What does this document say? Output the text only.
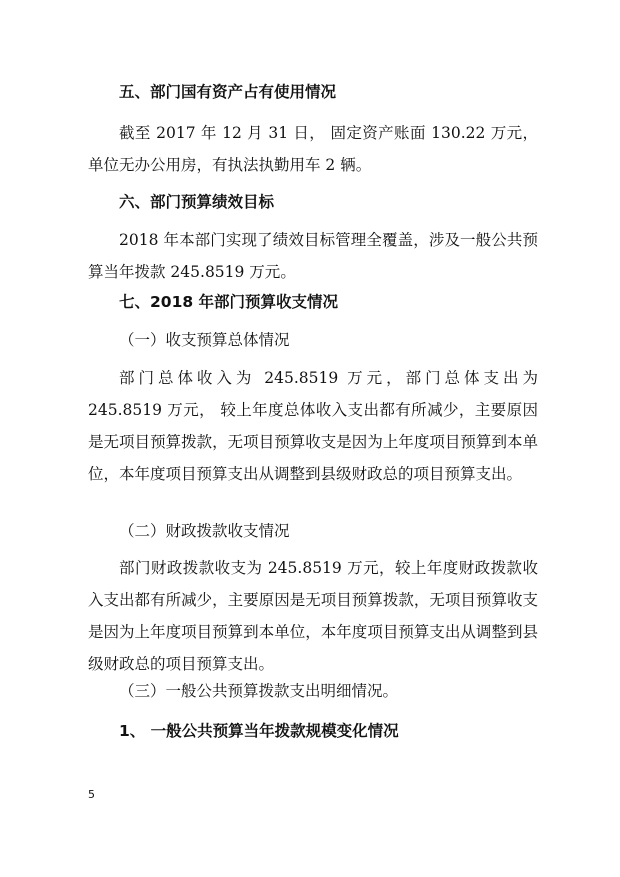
五、部门国有资产占有使用情况

截至 2017 年 12 月 31 日， 固定资产账面 130.22 万元， 单位无办公用房，有执法执勤用车 2 辆。

六、部门预算绩效目标

2018 年本部门实现了绩效目标管理全覆盖，涉及一般公共预算当年拨款 245.8519 万元。

七、2018 年部门预算收支情况

（一）收支预算总体情况

部门总体收入为 245.8519 万元，部门总体支出为 245.8519 万元， 较上年度总体收入支出都有所减少，主要原因是无项目预算拨款，无项目预算收支是因为上年度项目预算到本单位，本年度项目预算支出从调整到县级财政总的项目预算支出。

（二）财政拨款收支情况

部门财政拨款收支为 245.8519 万元，较上年度财政拨款收入支出都有所减少，主要原因是无项目预算拨款，无项目预算收支是因为上年度项目预算到本单位，本年度项目预算支出从调整到县级财政总的项目预算支出。

（三）一般公共预算拨款支出明细情况。

1、 一般公共预算当年拨款规模变化情况

5
